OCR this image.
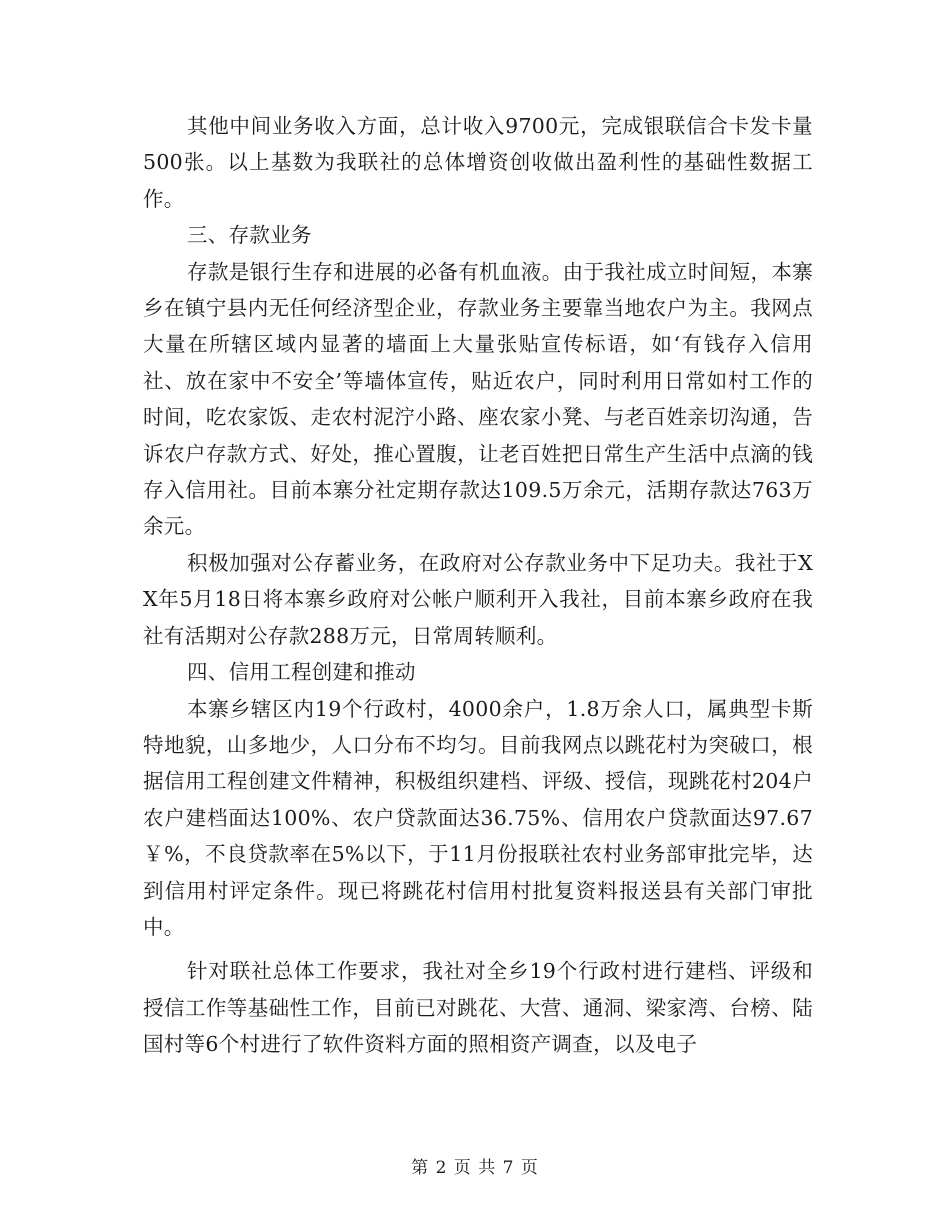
其他中间业务收入方面，总计收入9700元，完成银联信合卡发卡量500张。以上基数为我联社的总体增资创收做出盈利性的基础性数据工作。

三、存款业务

存款是银行生存和进展的必备有机血液。由于我社成立时间短，本寨乡在镇宁县内无任何经济型企业，存款业务主要靠当地农户为主。我网点大量在所辖区域内显著的墙面上大量张贴宣传标语，如‘有钱存入信用社、放在家中不安全’等墙体宣传，贴近农户，同时利用日常如村工作的时间，吃农家饭、走农村泥泞小路、座农家小凳、与老百姓亲切沟通，告诉农户存款方式、好处，推心置腹，让老百姓把日常生产生活中点滴的钱存入信用社。目前本寨分社定期存款达109.5万余元，活期存款达763万余元。

积极加强对公存蓄业务，在政府对公存款业务中下足功夫。我社于XX年5月18日将本寨乡政府对公帐户顺利开入我社，目前本寨乡政府在我社有活期对公存款288万元，日常周转顺利。

四、信用工程创建和推动

本寨乡辖区内19个行政村，4000余户，1.8万余人口，属典型卡斯特地貌，山多地少，人口分布不均匀。目前我网点以跳花村为突破口，根据信用工程创建文件精神，积极组织建档、评级、授信，现跳花村204户农户建档面达100%、农户贷款面达36.75%、信用农户贷款面达97.67￥%，不良贷款率在5%以下，于11月份报联社农村业务部审批完毕，达到信用村评定条件。现已将跳花村信用村批复资料报送县有关部门审批中。

针对联社总体工作要求，我社对全乡19个行政村进行建档、评级和授信工作等基础性工作，目前已对跳花、大营、通洞、梁家湾、台榜、陆国村等6个村进行了软件资料方面的照相资产调查，以及电子

第 2 页 共 7 页
